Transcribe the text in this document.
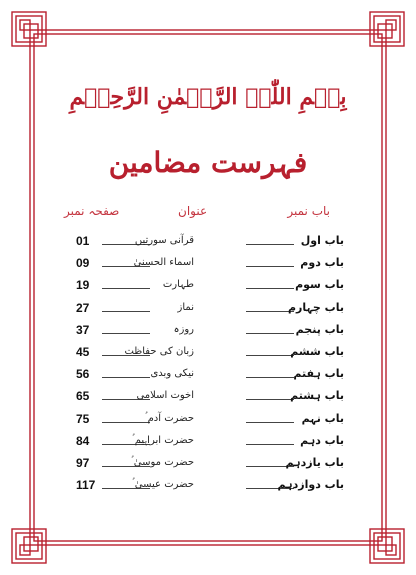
بِسۡمِ اللّٰہِ الرَّحۡمٰنِ الرَّحِیۡمِ
فہرست مضامین
باب نمبر
عنوان
صفحہ نمبر
01	قرآنی سورتیں	باب اول
09	اسماء الحسنیٰ	باب دوم
19	طہارت	باب سوم
27	نماز	باب چہارم
37	روزہ	باب پنجم
45	زبان کی حفاظت	باب ششم
56	نیکی وبدی	باب ہفتم
65	اخوت اسلامی	باب ہشتم
75	حضرت آدم ؑ	باب نہم
84	حضرت ابراہیم ؑ	باب دہم
97	حضرت موسیٰ ؑ	باب یازدہم
117	حضرت عیسیٰ ؑ	باب دوازدہم
